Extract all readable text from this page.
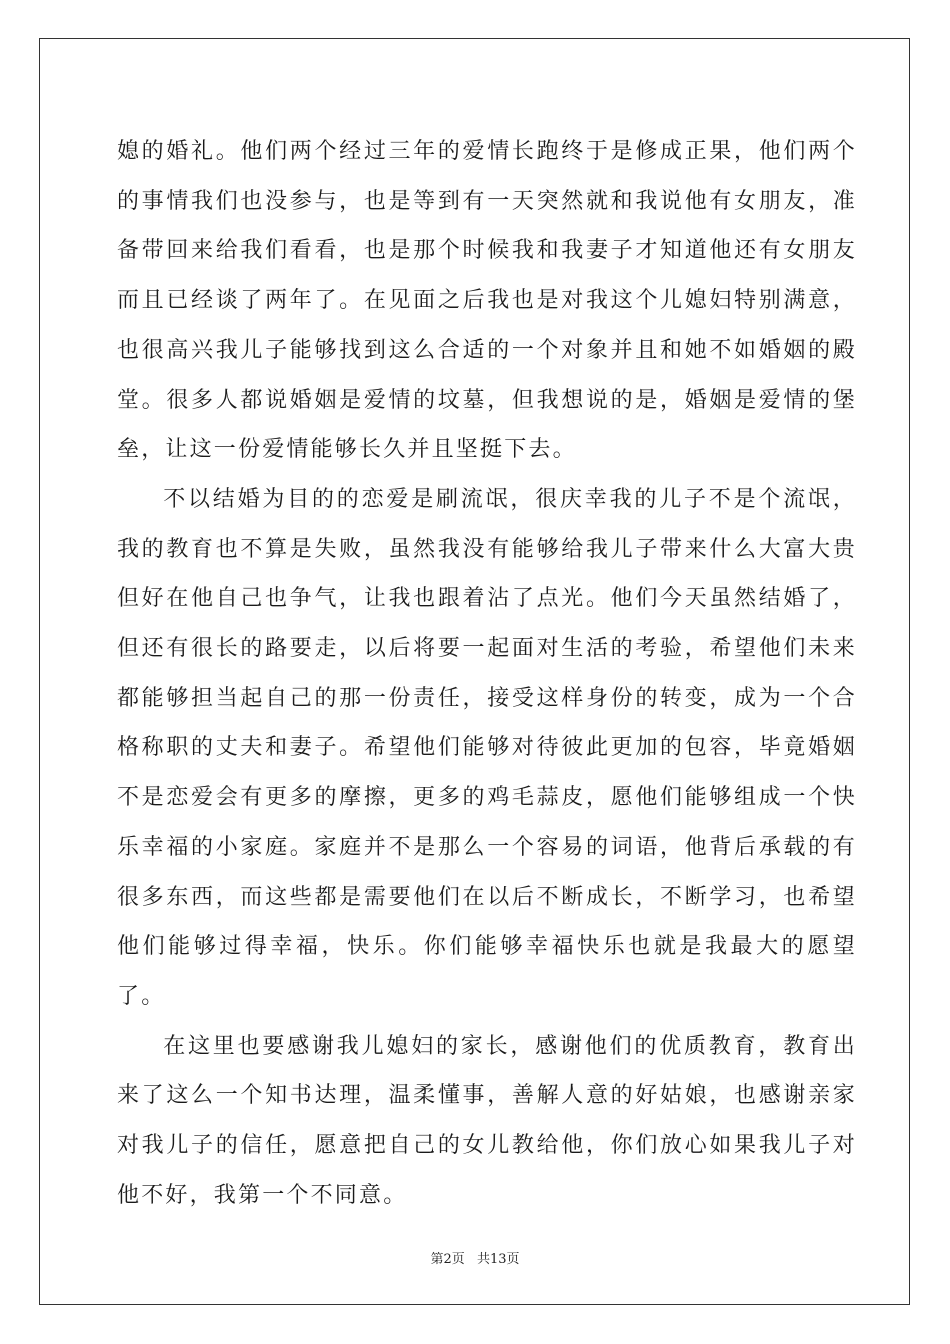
媳的婚礼。他们两个经过三年的爱情长跑终于是修成正果，他们两个的事情我们也没参与，也是等到有一天突然就和我说他有女朋友，准备带回来给我们看看，也是那个时候我和我妻子才知道他还有女朋友而且已经谈了两年了。在见面之后我也是对我这个儿媳妇特别满意，也很高兴我儿子能够找到这么合适的一个对象并且和她不如婚姻的殿堂。很多人都说婚姻是爱情的坟墓，但我想说的是，婚姻是爱情的堡垒，让这一份爱情能够长久并且坚挺下去。

不以结婚为目的的恋爱是刷流氓，很庆幸我的儿子不是个流氓，我的教育也不算是失败，虽然我没有能够给我儿子带来什么大富大贵但好在他自己也争气，让我也跟着沾了点光。他们今天虽然结婚了，但还有很长的路要走，以后将要一起面对生活的考验，希望他们未来都能够担当起自己的那一份责任，接受这样身份的转变，成为一个合格称职的丈夫和妻子。希望他们能够对待彼此更加的包容，毕竟婚姻不是恋爱会有更多的摩擦，更多的鸡毛蒜皮，愿他们能够组成一个快乐幸福的小家庭。家庭并不是那么一个容易的词语，他背后承载的有很多东西，而这些都是需要他们在以后不断成长，不断学习，也希望他们能够过得幸福，快乐。你们能够幸福快乐也就是我最大的愿望了。

在这里也要感谢我儿媳妇的家长，感谢他们的优质教育，教育出来了这么一个知书达理，温柔懂事，善解人意的好姑娘，也感谢亲家对我儿子的信任，愿意把自己的女儿教给他，你们放心如果我儿子对他不好，我第一个不同意。

第2页 共13页
